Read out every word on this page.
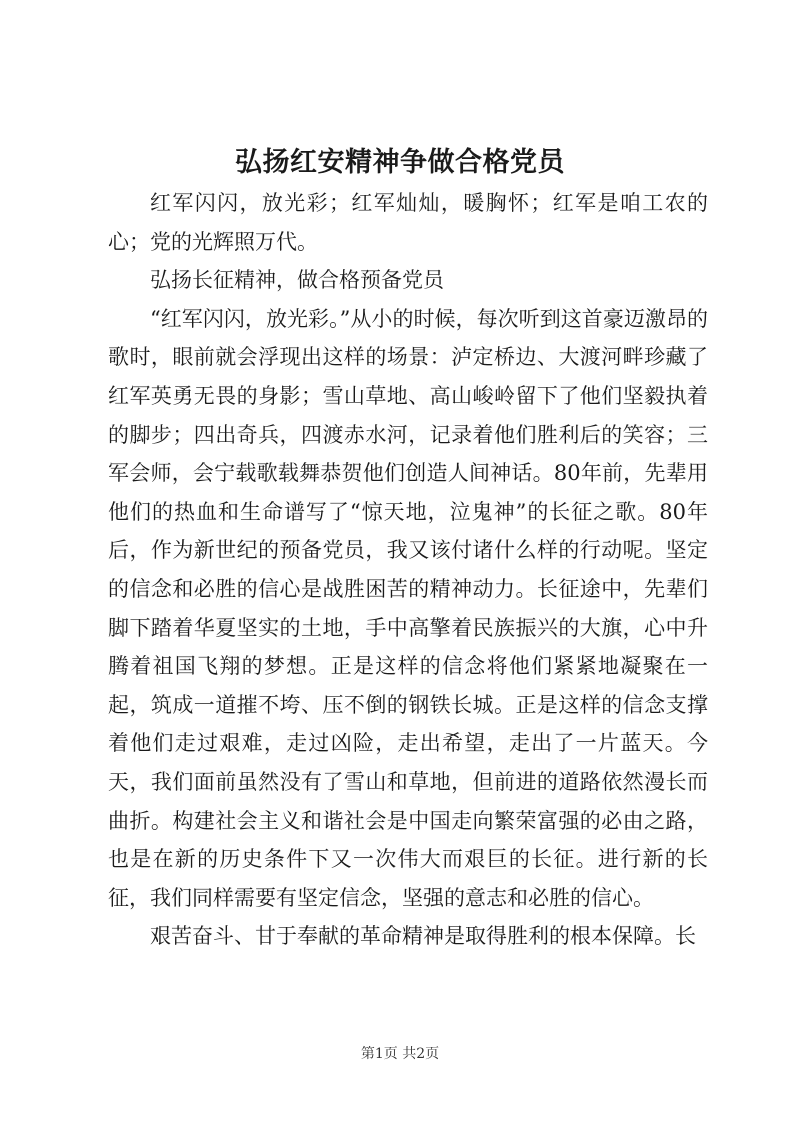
弘扬红安精神争做合格党员

红军闪闪，放光彩；红军灿灿，暖胸怀；红军是咱工农的心；党的光辉照万代。

弘扬长征精神，做合格预备党员

“红军闪闪，放光彩。”从小的时候，每次听到这首豪迈激昂的歌时，眼前就会浮现出这样的场景：泸定桥边、大渡河畔珍藏了红军英勇无畏的身影；雪山草地、高山峻岭留下了他们坚毅执着的脚步；四出奇兵，四渡赤水河，记录着他们胜利后的笑容；三军会师，会宁载歌载舞恭贺他们创造人间神话。80年前，先辈用他们的热血和生命谱写了“惊天地，泣鬼神”的长征之歌。80年后，作为新世纪的预备党员，我又该付诸什么样的行动呢。坚定的信念和必胜的信心是战胜困苦的精神动力。长征途中，先辈们脚下踏着华夏坚实的土地，手中高擎着民族振兴的大旗，心中升腾着祖国飞翔的梦想。正是这样的信念将他们紧紧地凝聚在一起，筑成一道摧不垮、压不倒的钢铁长城。正是这样的信念支撑着他们走过艰难，走过凶险，走出希望，走出了一片蓝天。今天，我们面前虽然没有了雪山和草地，但前进的道路依然漫长而曲折。构建社会主义和谐社会是中国走向繁荣富强的必由之路，也是在新的历史条件下又一次伟大而艰巨的长征。进行新的长征，我们同样需要有坚定信念，坚强的意志和必胜的信心。

艰苦奋斗、甘于奉献的革命精神是取得胜利的根本保障。长

第1页 共2页
